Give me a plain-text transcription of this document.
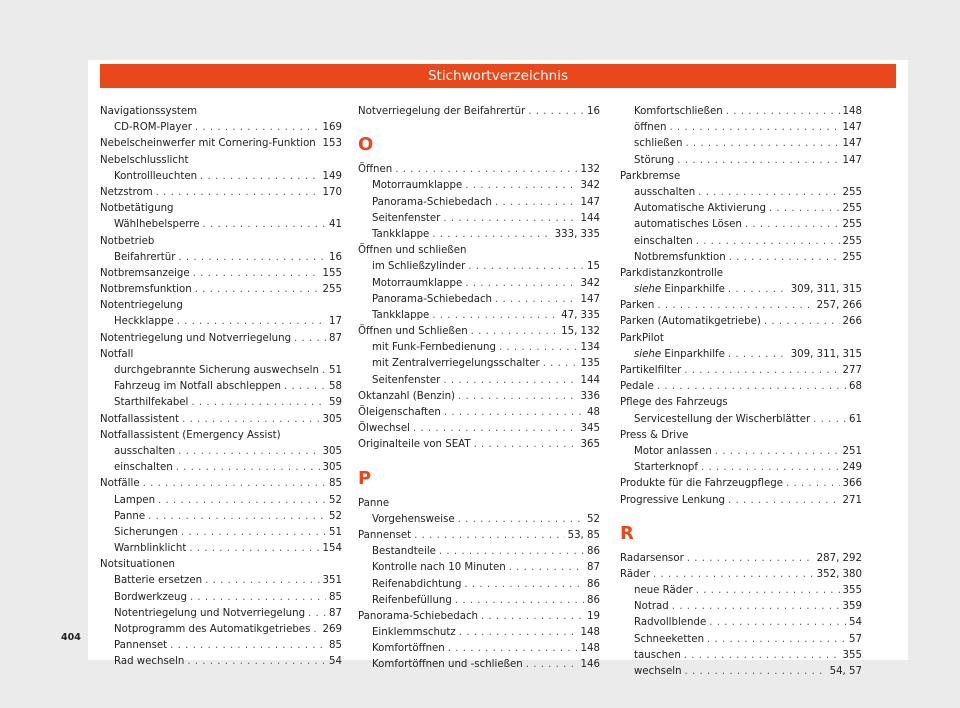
Stichwortverzeichnis
Navigationssystem
CD-ROM-Player . . .	169
Nebelscheinwerfer mit Cornering-Funktion . . . 153
Nebelschlusslicht
Kontrollleuchten . . .	149
Netzstrom . . .	170
Notbetätigung
Wählhebelsperre . . .	41
Notbetrieb
Beifahrertür . . .	16
Notbremsanzeige . . .	155
Notbremsfunktion . . .	255
Notentriegelung
Heckklappe . . .	17
Notentriegelung und Notverriegelung . . .	87
Notfall
durchgebrannte Sicherung auswechseln . . . 51
Fahrzeug im Notfall abschleppen . . .	58
Starthilfekabel . . .	59
Notfallassistent . . .	305
Notfallassistent (Emergency Assist)
ausschalten . . .	305
einschalten . . .	305
Notfälle . . .	85
Lampen . . .	52
Panne . . .	52
Sicherungen . . .	51
Warnblinklicht . . .	154
Notsituationen
Batterie ersetzen . . .	351
Bordwerkzeug . . .	85
Notentriegelung und Notverriegelung . . . 87
Notprogramm des Automatikgetriebes . . . 269
Pannenset . . .	85
Rad wechseln . . .	54
Notverriegelung der Beifahrertür . . .	16
O
Öffnen . . .	132
Motorraumklappe . . .	342
Panorama-Schiebedach . . .	147
Seitenfenster . . .	144
Tankklappe . . .	333, 335
Öffnen und schließen
im Schließzylinder . . .	15
Motorraumklappe . . .	342
Panorama-Schiebedach . . .	147
Tankklappe . . .	47, 335
Öffnen und Schließen . . .	15, 132
mit Funk-Fernbedienung . . .	134
mit Zentralverriegelungsschalter . . .	135
Seitenfenster . . .	144
Oktanzahl (Benzin) . . .	336
Öleigenschaften . . .	48
Ölwechsel . . .	345
Originalteile von SEAT . . .	365
P
Panne
Vorgehensweise . . .	52
Pannenset . . .	53, 85
Bestandteile . . .	86
Kontrolle nach 10 Minuten . . .	87
Reifenabdichtung . . .	86
Reifenbefüllung . . .	86
Panorama-Schiebedach . . .	19
Einklemmschutz . . .	148
Komfortöffnen . . .	148
Komfortöffnen und -schließen . . .	146
Komfortschließen . . .	148
öffnen . . .	147
schließen . . .	147
Störung . . .	147
Parkbremse
ausschalten . . .	255
Automatische Aktivierung . . .	255
automatisches Lösen . . .	255
einschalten . . .	255
Notbremsfunktion . . .	255
Parkdistanzkontrolle
siehe Einparkhilfe . . .	309, 311, 315
Parken . . .	257, 266
Parken (Automatikgetriebe) . . .	266
ParkPilot
siehe Einparkhilfe . . .	309, 311, 315
Partikelfilter . . .	277
Pedale . . .	68
Pflege des Fahrzeugs
Servicestellung der Wischerblätter . . .	61
Press & Drive
Motor anlassen . . .	251
Starterknopf . . .	249
Produkte für die Fahrzeugpflege . . .	366
Progressive Lenkung . . .	271
R
Radarsensor . . .	287, 292
Räder . . .	352, 380
neue Räder . . .	355
Notrad . . .	359
Radvollblende . . .	54
Schneeketten . . .	57
tauschen . . .	355
wechseln . . .	54, 57
404
